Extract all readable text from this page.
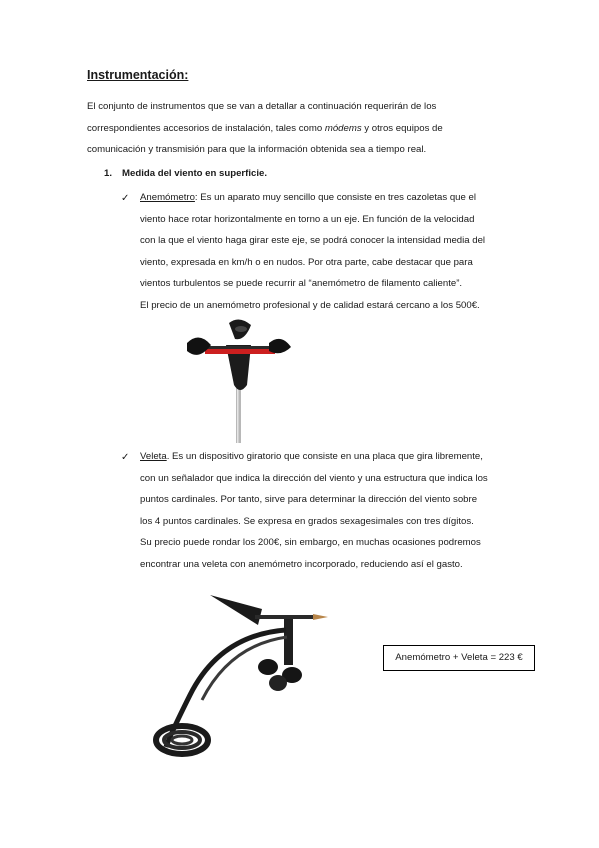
Instrumentación:
El conjunto de instrumentos que se van a detallar a continuación requerirán de los
correspondientes accesorios de instalación, tales como módems y otros equipos de
comunicación y transmisión para que la información obtenida sea a tiempo real.
1. Medida del viento en superficie.
✓ Anemómetro: Es un aparato muy sencillo que consiste en tres cazoletas que el
viento hace rotar horizontalmente en torno a un eje. En función de la velocidad
con la que el viento haga girar este eje, se podrá conocer la intensidad media del
viento, expresada en km/h o en nudos. Por otra parte, cabe destacar que para
vientos turbulentos se puede recurrir al “anemómetro de filamento caliente”.
El precio de un anemómetro profesional y de calidad estará cercano a los 500€.
✓ Veleta. Es un dispositivo giratorio que consiste en una placa que gira libremente,
con un señalador que indica la dirección del viento y una estructura que indica los
puntos cardinales. Por tanto, sirve para determinar la dirección del viento sobre
los 4 puntos cardinales. Se expresa en grados sexagesimales con tres dígitos.
Su precio puede rondar los 200€, sin embargo, en muchas ocasiones podremos
encontrar una veleta con anemómetro incorporado, reduciendo así el gasto.
Anemómetro + Veleta = 223 €
